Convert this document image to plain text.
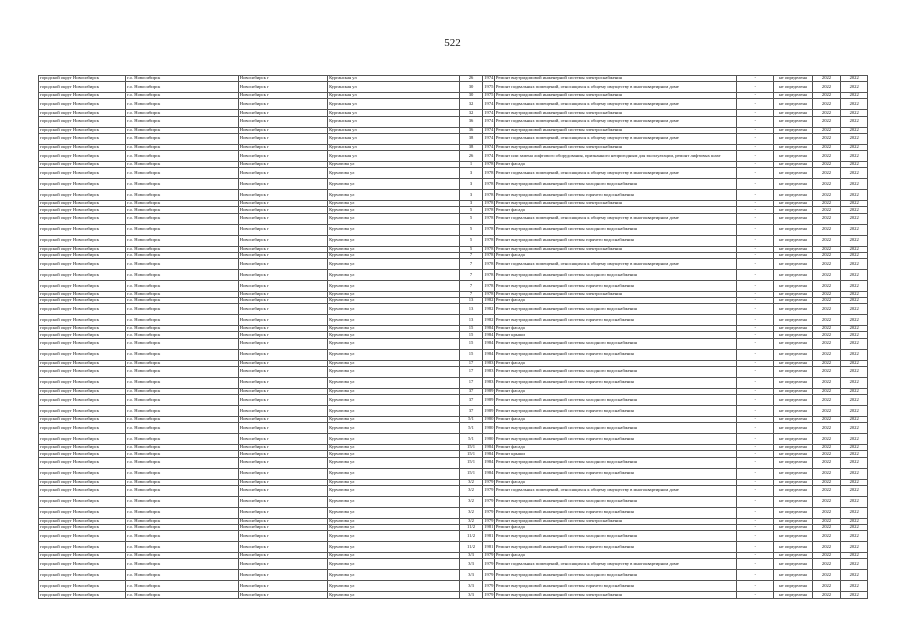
522
городской округ Новосибирск	г.о. Новосибирск	Новосибирск г	Курганская ул	26	1974	Ремонт внутридомовой инженерной системы электроснабжения	-	не определена	2022	2022
городской округ Новосибирск	г.о. Новосибирск	Новосибирск г	Курганская ул	30	1975	Ремонт подвальных помещений, относящихся к общему имуществу в многоквартирном доме	-	не определена	2022	2022
городской округ Новосибирск	г.о. Новосибирск	Новосибирск г	Курганская ул	30	1975	Ремонт внутридомовой инженерной системы электроснабжения	-	не определена	2022	2022
городской округ Новосибирск	г.о. Новосибирск	Новосибирск г	Курганская ул	32	1974	Ремонт подвальных помещений, относящихся к общему имуществу в многоквартирном доме	-	не определена	2022	2022
городской округ Новосибирск	г.о. Новосибирск	Новосибирск г	Курганская ул	32	1974	Ремонт внутридомовой инженерной системы электроснабжения	-	не определена	2022	2022
городской округ Новосибирск	г.о. Новосибирск	Новосибирск г	Курганская ул	36	1974	Ремонт подвальных помещений, относящихся к общему имуществу в многоквартирном доме	-	не определена	2022	2022
городской округ Новосибирск	г.о. Новосибирск	Новосибирск г	Курганская ул	36	1974	Ремонт внутридомовой инженерной системы электроснабжения	-	не определена	2022	2022
городской округ Новосибирск	г.о. Новосибирск	Новосибирск г	Курганская ул	38	1974	Ремонт подвальных помещений, относящихся к общему имуществу в многоквартирном доме	-	не определена	2022	2022
городской округ Новосибирск	г.о. Новосибирск	Новосибирск г	Курганская ул	38	1974	Ремонт внутридомовой инженерной системы электроснабжения	-	не определена	2022	2022
городской округ Новосибирск	г.о. Новосибирск	Новосибирск г	Курганская ул	26	1974	Ремонт или замена лифтового оборудования, признанного непригодным для эксплуатации, ремонт лифтовых шахт	-	не определена	2022	2022
городской округ Новосибирск	г.о. Новосибирск	Новосибирск г	Курчатова ул	1	1978	Ремонт фасада	-	не определена	2022	2022
городской округ Новосибирск	г.о. Новосибирск	Новосибирск г	Курчатова ул	3	1978	Ремонт подвальных помещений, относящихся к общему имуществу в многоквартирном доме	-	не определена	2022	2022
городской округ Новосибирск	г.о. Новосибирск	Новосибирск г	Курчатова ул	3	1978	Ремонт внутридомовой инженерной системы холодного водоснабжения	-	не определена	2022	2022
городской округ Новосибирск	г.о. Новосибирск	Новосибирск г	Курчатова ул	3	1978	Ремонт внутридомовой инженерной системы горячего водоснабжения	-	не определена	2022	2022
городской округ Новосибирск	г.о. Новосибирск	Новосибирск г	Курчатова ул	3	1978	Ремонт внутридомовой инженерной системы электроснабжения	-	не определена	2022	2022
городской округ Новосибирск	г.о. Новосибирск	Новосибирск г	Курчатова ул	5	1978	Ремонт фасада	-	не определена	2022	2022
городской округ Новосибирск	г.о. Новосибирск	Новосибирск г	Курчатова ул	5	1978	Ремонт подвальных помещений, относящихся к общему имуществу в многоквартирном доме	-	не определена	2022	2022
городской округ Новосибирск	г.о. Новосибирск	Новосибирск г	Курчатова ул	5	1978	Ремонт внутридомовой инженерной системы холодного водоснабжения	-	не определена	2022	2022
городской округ Новосибирск	г.о. Новосибирск	Новосибирск г	Курчатова ул	5	1978	Ремонт внутридомовой инженерной системы горячего водоснабжения	-	не определена	2022	2022
городской округ Новосибирск	г.о. Новосибирск	Новосибирск г	Курчатова ул	5	1978	Ремонт внутридомовой инженерной системы электроснабжения	-	не определена	2022	2022
городской округ Новосибирск	г.о. Новосибирск	Новосибирск г	Курчатова ул	7	1978	Ремонт фасада	-	не определена	2022	2022
городской округ Новосибирск	г.о. Новосибирск	Новосибирск г	Курчатова ул	7	1978	Ремонт подвальных помещений, относящихся к общему имуществу в многоквартирном доме	-	не определена	2022	2022
городской округ Новосибирск	г.о. Новосибирск	Новосибирск г	Курчатова ул	7	1978	Ремонт внутридомовой инженерной системы холодного водоснабжения	-	не определена	2022	2022
городской округ Новосибирск	г.о. Новосибирск	Новосибирск г	Курчатова ул	7	1978	Ремонт внутридомовой инженерной системы горячего водоснабжения	-	не определена	2022	2022
городской округ Новосибирск	г.о. Новосибирск	Новосибирск г	Курчатова ул	7	1978	Ремонт внутридомовой инженерной системы электроснабжения	-	не определена	2022	2022
городской округ Новосибирск	г.о. Новосибирск	Новосибирск г	Курчатова ул	13	1982	Ремонт фасада	-	не определена	2022	2022
городской округ Новосибирск	г.о. Новосибирск	Новосибирск г	Курчатова ул	13	1982	Ремонт внутридомовой инженерной системы холодного водоснабжения	-	не определена	2022	2022
городской округ Новосибирск	г.о. Новосибирск	Новосибирск г	Курчатова ул	13	1982	Ремонт внутридомовой инженерной системы горячего водоснабжения	-	не определена	2022	2022
городской округ Новосибирск	г.о. Новосибирск	Новосибирск г	Курчатова ул	15	1984	Ремонт фасада	-	не определена	2022	2022
городской округ Новосибирск	г.о. Новосибирск	Новосибирск г	Курчатова ул	15	1984	Ремонт крыши	-	не определена	2022	2022
городской округ Новосибирск	г.о. Новосибирск	Новосибирск г	Курчатова ул	15	1984	Ремонт внутридомовой инженерной системы холодного водоснабжения	-	не определена	2022	2022
городской округ Новосибирск	г.о. Новосибирск	Новосибирск г	Курчатова ул	15	1984	Ремонт внутридомовой инженерной системы горячего водоснабжения	-	не определена	2022	2022
городской округ Новосибирск	г.о. Новосибирск	Новосибирск г	Курчатова ул	17	1983	Ремонт фасада	-	не определена	2022	2022
городской округ Новосибирск	г.о. Новосибирск	Новосибирск г	Курчатова ул	17	1983	Ремонт внутридомовой инженерной системы холодного водоснабжения	-	не определена	2022	2022
городской округ Новосибирск	г.о. Новосибирск	Новосибирск г	Курчатова ул	17	1983	Ремонт внутридомовой инженерной системы горячего водоснабжения	-	не определена	2022	2022
городской округ Новосибирск	г.о. Новосибирск	Новосибирск г	Курчатова ул	37	1989	Ремонт фасада	-	не определена	2022	2022
городской округ Новосибирск	г.о. Новосибирск	Новосибирск г	Курчатова ул	37	1989	Ремонт внутридомовой инженерной системы холодного водоснабжения	-	не определена	2022	2022
городской округ Новосибирск	г.о. Новосибирск	Новосибирск г	Курчатова ул	37	1989	Ремонт внутридомовой инженерной системы горячего водоснабжения	-	не определена	2022	2022
городской округ Новосибирск	г.о. Новосибирск	Новосибирск г	Курчатова ул	5/1	1980	Ремонт фасада	-	не определена	2022	2022
городской округ Новосибирск	г.о. Новосибирск	Новосибирск г	Курчатова ул	5/1	1980	Ремонт внутридомовой инженерной системы холодного водоснабжения	-	не определена	2022	2022
городской округ Новосибирск	г.о. Новосибирск	Новосибирск г	Курчатова ул	5/1	1980	Ремонт внутридомовой инженерной системы горячего водоснабжения	-	не определена	2022	2022
городской округ Новосибирск	г.о. Новосибирск	Новосибирск г	Курчатова ул	15/1	1984	Ремонт фасада	-	не определена	2022	2022
городской округ Новосибирск	г.о. Новосибирск	Новосибирск г	Курчатова ул	15/1	1984	Ремонт крыши	-	не определена	2022	2022
городской округ Новосибирск	г.о. Новосибирск	Новосибирск г	Курчатова ул	15/1	1984	Ремонт внутридомовой инженерной системы холодного водоснабжения	-	не определена	2022	2022
городской округ Новосибирск	г.о. Новосибирск	Новосибирск г	Курчатова ул	15/1	1984	Ремонт внутридомовой инженерной системы горячего водоснабжения	-	не определена	2022	2022
городской округ Новосибирск	г.о. Новосибирск	Новосибирск г	Курчатова ул	3/2	1979	Ремонт фасада	-	не определена	2022	2022
городской округ Новосибирск	г.о. Новосибирск	Новосибирск г	Курчатова ул	3/2	1979	Ремонт подвальных помещений, относящихся к общему имуществу в многоквартирном доме	-	не определена	2022	2022
городской округ Новосибирск	г.о. Новосибирск	Новосибирск г	Курчатова ул	3/2	1979	Ремонт внутридомовой инженерной системы холодного водоснабжения	-	не определена	2022	2022
городской округ Новосибирск	г.о. Новосибирск	Новосибирск г	Курчатова ул	3/2	1979	Ремонт внутридомовой инженерной системы горячего водоснабжения	-	не определена	2022	2022
городской округ Новосибирск	г.о. Новосибирск	Новосибирск г	Курчатова ул	3/2	1979	Ремонт внутридомовой инженерной системы электроснабжения	-	не определена	2022	2022
городской округ Новосибирск	г.о. Новосибирск	Новосибирск г	Курчатова ул	11/2	1981	Ремонт фасада	-	не определена	2022	2022
городской округ Новосибирск	г.о. Новосибирск	Новосибирск г	Курчатова ул	11/2	1981	Ремонт внутридомовой инженерной системы холодного водоснабжения	-	не определена	2022	2022
городской округ Новосибирск	г.о. Новосибирск	Новосибирск г	Курчатова ул	11/2	1981	Ремонт внутридомовой инженерной системы горячего водоснабжения	-	не определена	2022	2022
городской округ Новосибирск	г.о. Новосибирск	Новосибирск г	Курчатова ул	3/3	1979	Ремонт фасада	-	не определена	2022	2022
городской округ Новосибирск	г.о. Новосибирск	Новосибирск г	Курчатова ул	3/3	1979	Ремонт подвальных помещений, относящихся к общему имуществу в многоквартирном доме	-	не определена	2022	2022
городской округ Новосибирск	г.о. Новосибирск	Новосибирск г	Курчатова ул	3/3	1979	Ремонт внутридомовой инженерной системы холодного водоснабжения	-	не определена	2022	2022
городской округ Новосибирск	г.о. Новосибирск	Новосибирск г	Курчатова ул	3/3	1979	Ремонт внутридомовой инженерной системы горячего водоснабжения	-	не определена	2022	2022
городской округ Новосибирск	г.о. Новосибирск	Новосибирск г	Курчатова ул	3/3	1979	Ремонт внутридомовой инженерной системы электроснабжения	-	не определена	2022	2022
